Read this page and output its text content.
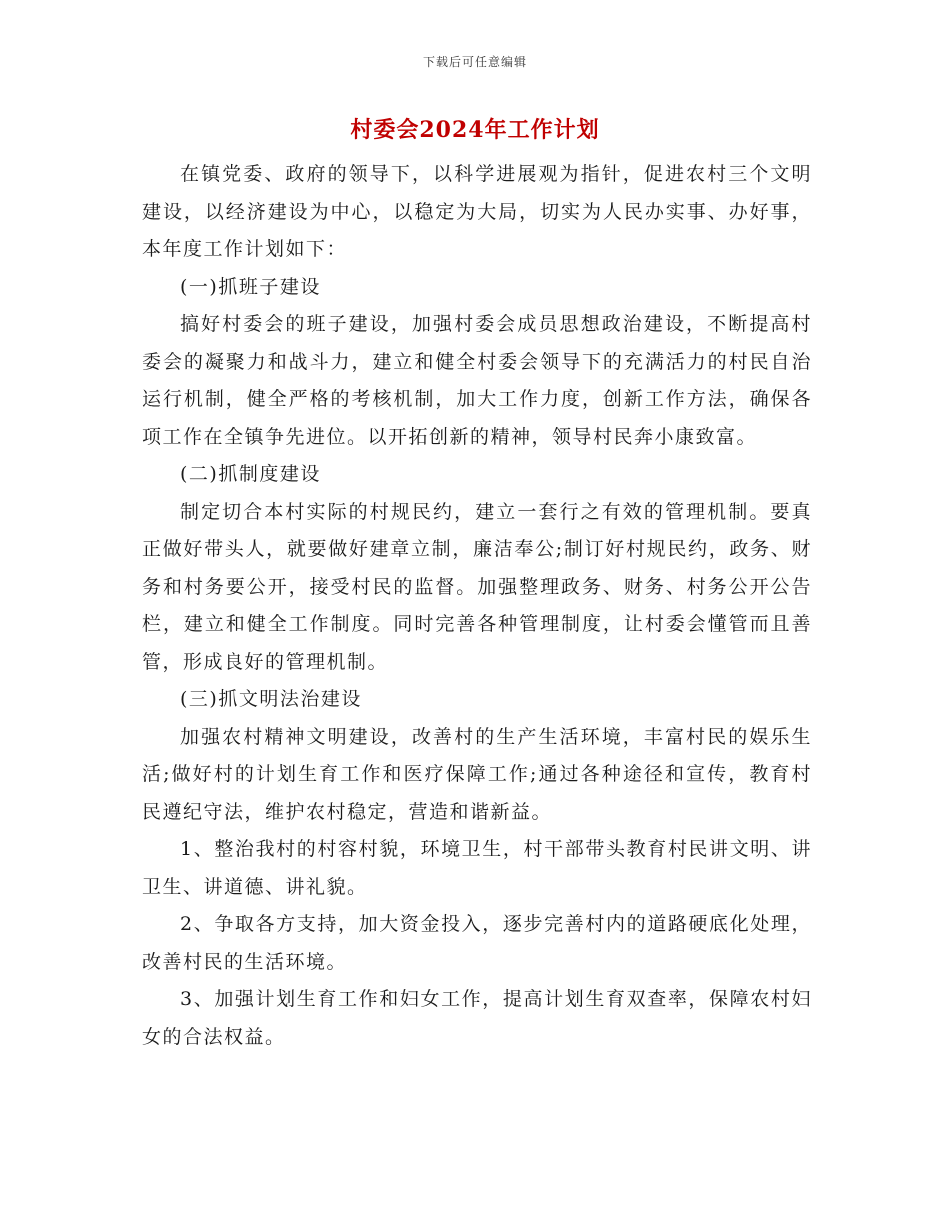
下载后可任意编辑
村委会2024年工作计划

在镇党委、政府的领导下，以科学进展观为指针，促进农村三个文明建设，以经济建设为中心，以稳定为大局，切实为人民办实事、办好事，本年度工作计划如下：

(一)抓班子建设

搞好村委会的班子建设，加强村委会成员思想政治建设，不断提高村委会的凝聚力和战斗力，建立和健全村委会领导下的充满活力的村民自治运行机制，健全严格的考核机制，加大工作力度，创新工作方法，确保各项工作在全镇争先进位。以开拓创新的精神，领导村民奔小康致富。

(二)抓制度建设

制定切合本村实际的村规民约，建立一套行之有效的管理机制。要真正做好带头人，就要做好建章立制，廉洁奉公;制订好村规民约，政务、财务和村务要公开，接受村民的监督。加强整理政务、财务、村务公开公告栏，建立和健全工作制度。同时完善各种管理制度，让村委会懂管而且善管，形成良好的管理机制。

(三)抓文明法治建设

加强农村精神文明建设，改善村的生产生活环境，丰富村民的娱乐生活;做好村的计划生育工作和医疗保障工作;通过各种途径和宣传，教育村民遵纪守法，维护农村稳定，营造和谐新益。

1、整治我村的村容村貌，环境卫生，村干部带头教育村民讲文明、讲卫生、讲道德、讲礼貌。

2、争取各方支持，加大资金投入，逐步完善村内的道路硬底化处理，改善村民的生活环境。

3、加强计划生育工作和妇女工作，提高计划生育双查率，保障农村妇女的合法权益。
